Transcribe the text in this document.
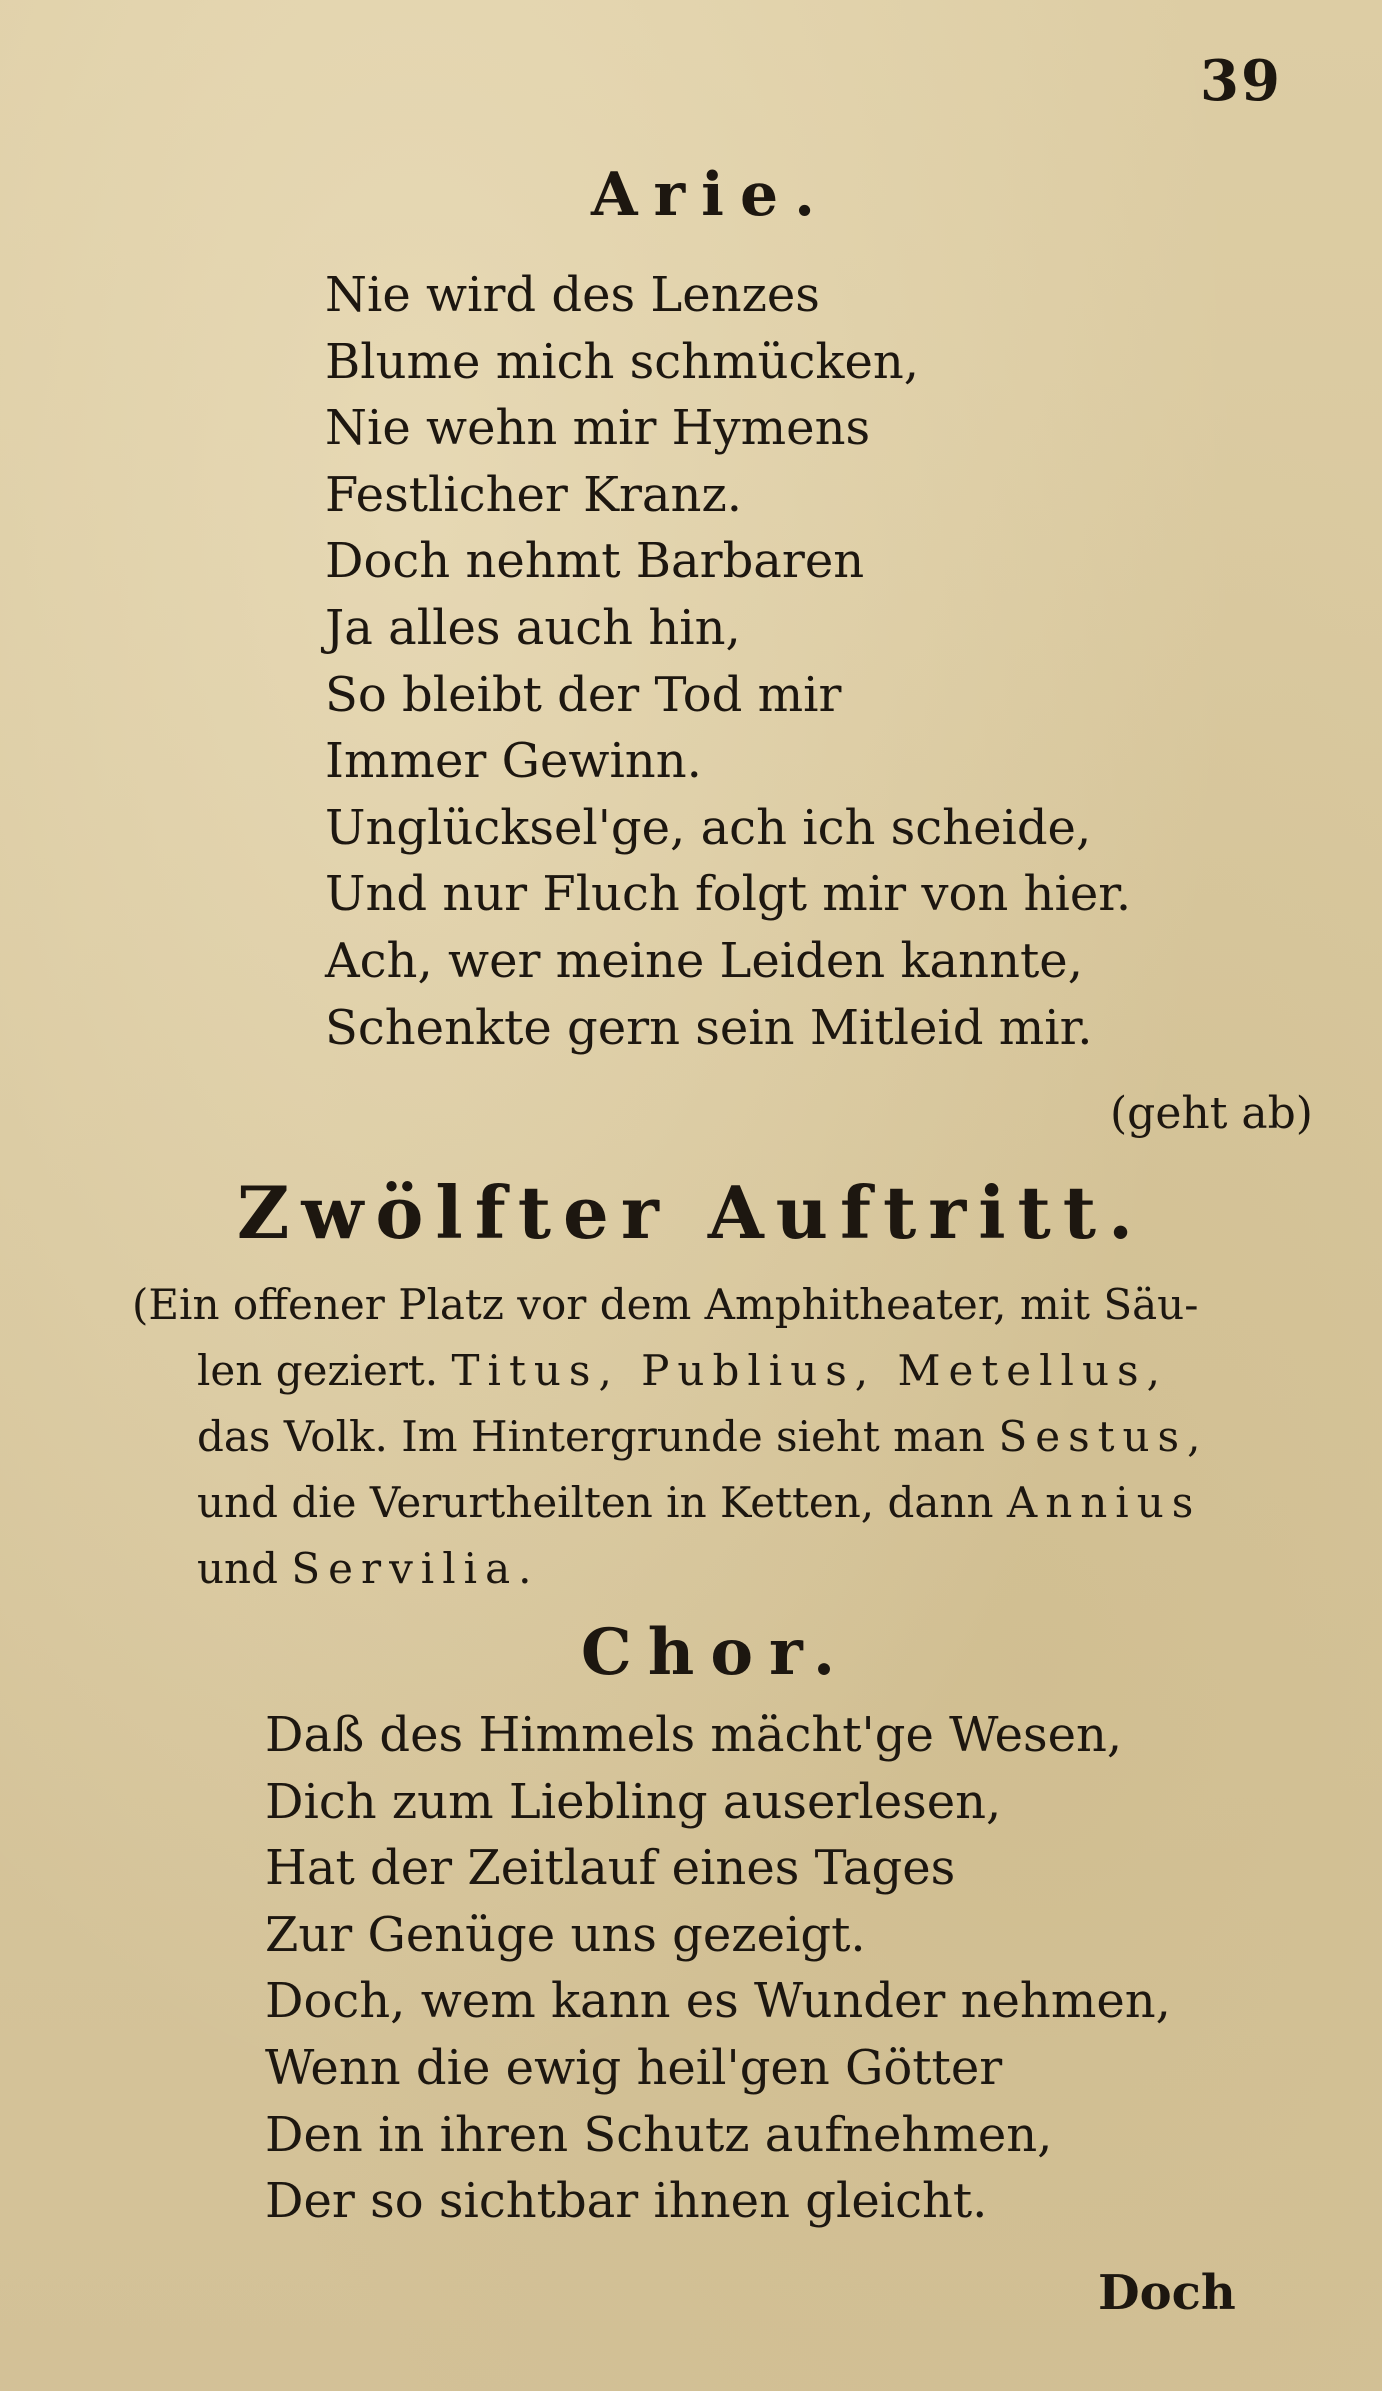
39
Arie.
Nie wird des Lenzes
Blume mich schmücken,
Nie wehn mir Hymens
Festlicher Kranz.
Doch nehmt Barbaren
Ja alles auch hin,
So bleibt der Tod mir
Immer Gewinn.
Unglücksel'ge, ach ich scheide,
Und nur Fluch folgt mir von hier.
Ach, wer meine Leiden kannte,
Schenkte gern sein Mitleid mir.
(geht ab)
Zwölfter Auftritt.

(Ein offener Platz vor dem Amphitheater, mit Säu-
len geziert. Titus, Publius, Metellus,
das Volk. Im Hintergrunde sieht man Sestus,
und die Verurtheilten in Ketten, dann Annius
und Servilia.

Chor.
Daß des Himmels mächt'ge Wesen,
Dich zum Liebling auserlesen,
Hat der Zeitlauf eines Tages
Zur Genüge uns gezeigt.
Doch, wem kann es Wunder nehmen,
Wenn die ewig heil'gen Götter
Den in ihren Schutz aufnehmen,
Der so sichtbar ihnen gleicht.
Doch
